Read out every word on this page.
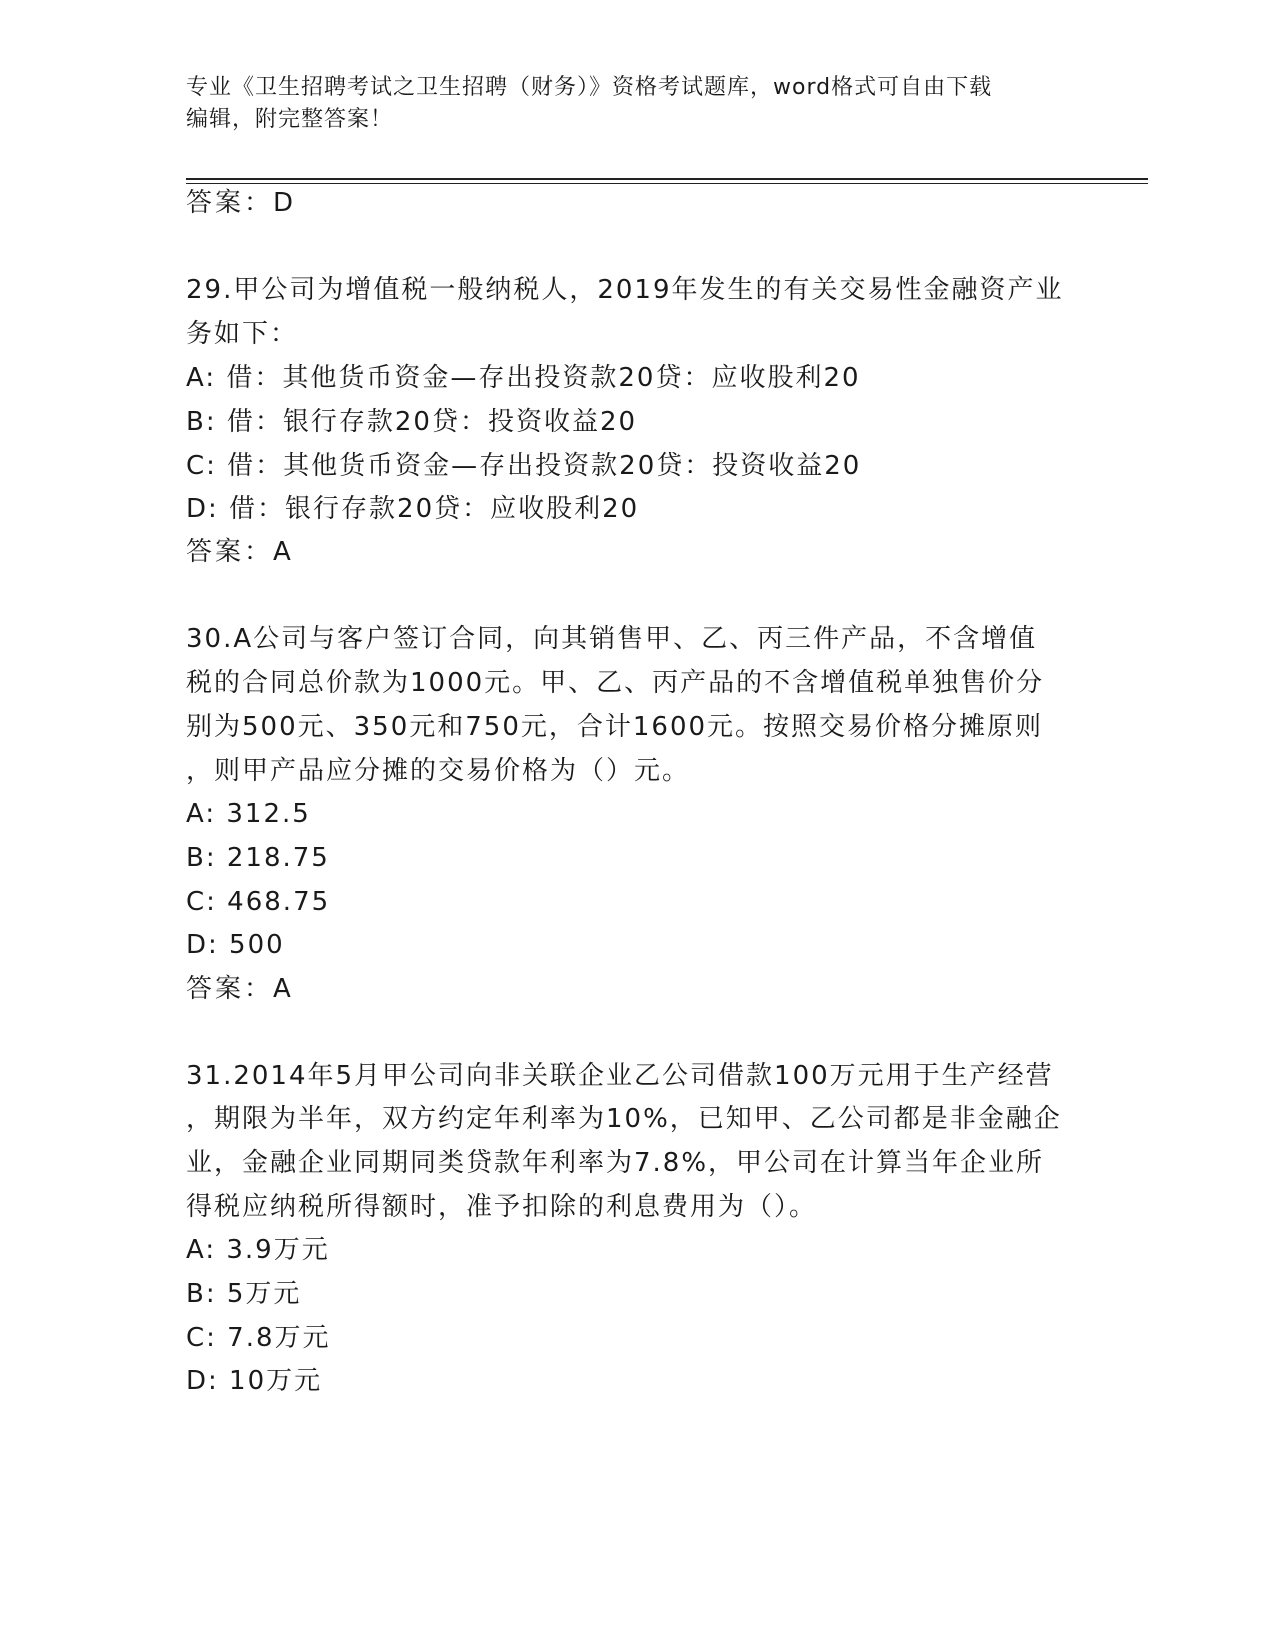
专业《卫生招聘考试之卫生招聘（财务）》资格考试题库，word格式可自由下载
编辑，附完整答案！
答案：D
29.甲公司为增值税一般纳税人，2019年发生的有关交易性金融资产业
务如下：
A: 借：其他货币资金—存出投资款20贷：应收股利20
B: 借：银行存款20贷：投资收益20
C: 借：其他货币资金—存出投资款20贷：投资收益20
D: 借：银行存款20贷：应收股利20
答案：A
30.A公司与客户签订合同，向其销售甲、乙、丙三件产品，不含增值
税的合同总价款为1000元。甲、乙、丙产品的不含增值税单独售价分
别为500元、350元和750元，合计1600元。按照交易价格分摊原则
，则甲产品应分摊的交易价格为（）元。
A: 312.5
B: 218.75
C: 468.75
D: 500
答案：A
31.2014年5月甲公司向非关联企业乙公司借款100万元用于生产经营
，期限为半年，双方约定年利率为10%，已知甲、乙公司都是非金融企
业，金融企业同期同类贷款年利率为7.8%，甲公司在计算当年企业所
得税应纳税所得额时，准予扣除的利息费用为（）。
A: 3.9万元
B: 5万元
C: 7.8万元
D: 10万元
